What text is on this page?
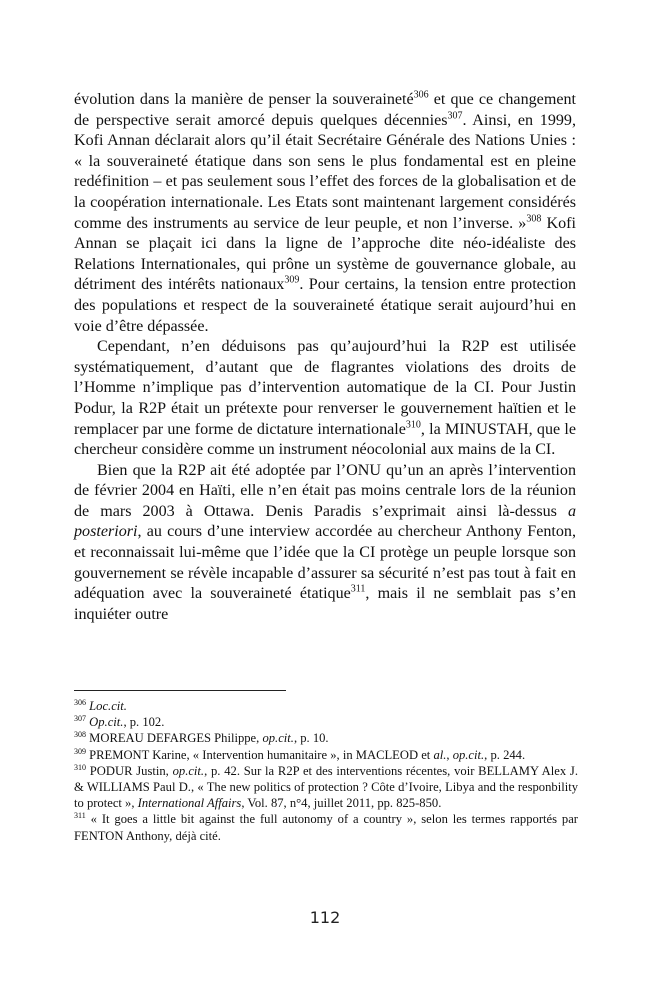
évolution dans la manière de penser la souveraineté$^{306}$ et que ce changement de perspective serait amorcé depuis quelques décennies$^{307}$. Ainsi, en 1999, Kofi Annan déclarait alors qu’il était Secrétaire Générale des Nations Unies : « la souveraineté étatique dans son sens le plus fondamental est en pleine redéfinition – et pas seulement sous l’effet des forces de la globalisation et de la coopération internationale. Les Etats sont maintenant largement considérés comme des instruments au service de leur peuple, et non l’inverse. »$^{308}$ Kofi Annan se plaçait ici dans la ligne de l’approche dite néo-idéaliste des Relations Internationales, qui prône un système de gouvernance globale, au détriment des intérêts nationaux$^{309}$. Pour certains, la tension entre protection des populations et respect de la souveraineté étatique serait aujourd’hui en voie d’être dépassée.

Cependant, n’en déduisons pas qu’aujourd’hui la R2P est utilisée systématiquement, d’autant que de flagrantes violations des droits de l’Homme n’implique pas d’intervention automatique de la CI. Pour Justin Podur, la R2P était un prétexte pour renverser le gouvernement haïtien et le remplacer par une forme de dictature internationale$^{310}$, la MINUSTAH, que le chercheur considère comme un instrument néocolonial aux mains de la CI.

Bien que la R2P ait été adoptée par l’ONU qu’un an après l’intervention de février 2004 en Haïti, elle n’en était pas moins centrale lors de la réunion de mars 2003 à Ottawa. Denis Paradis s’exprimait ainsi là-dessus a posteriori, au cours d’une interview accordée au chercheur Anthony Fenton, et reconnaissait lui-même que l’idée que la CI protège un peuple lorsque son gouvernement se révèle incapable d’assurer sa sécurité n’est pas tout à fait en adéquation avec la souveraineté étatique$^{311}$, mais il ne semblait pas s’en inquiéter outre

$^{306}$ Loc.cit.

$^{307}$ Op.cit., p. 102.

$^{308}$ MOREAU DEFARGES Philippe, op.cit., p. 10.

$^{309}$ PREMONT Karine, « Intervention humanitaire », in MACLEOD et al., op.cit., p. 244.

$^{310}$ PODUR Justin, op.cit., p. 42. Sur la R2P et des interventions récentes, voir BELLAMY Alex J. & WILLIAMS Paul D., « The new politics of protection ? Côte d’Ivoire, Libya and the responbility to protect », International Affairs, Vol. 87, n°4, juillet 2011, pp. 825-850.

$^{311}$ « It goes a little bit against the full autonomy of a country », selon les termes rapportés par FENTON Anthony, déjà cité.

112
